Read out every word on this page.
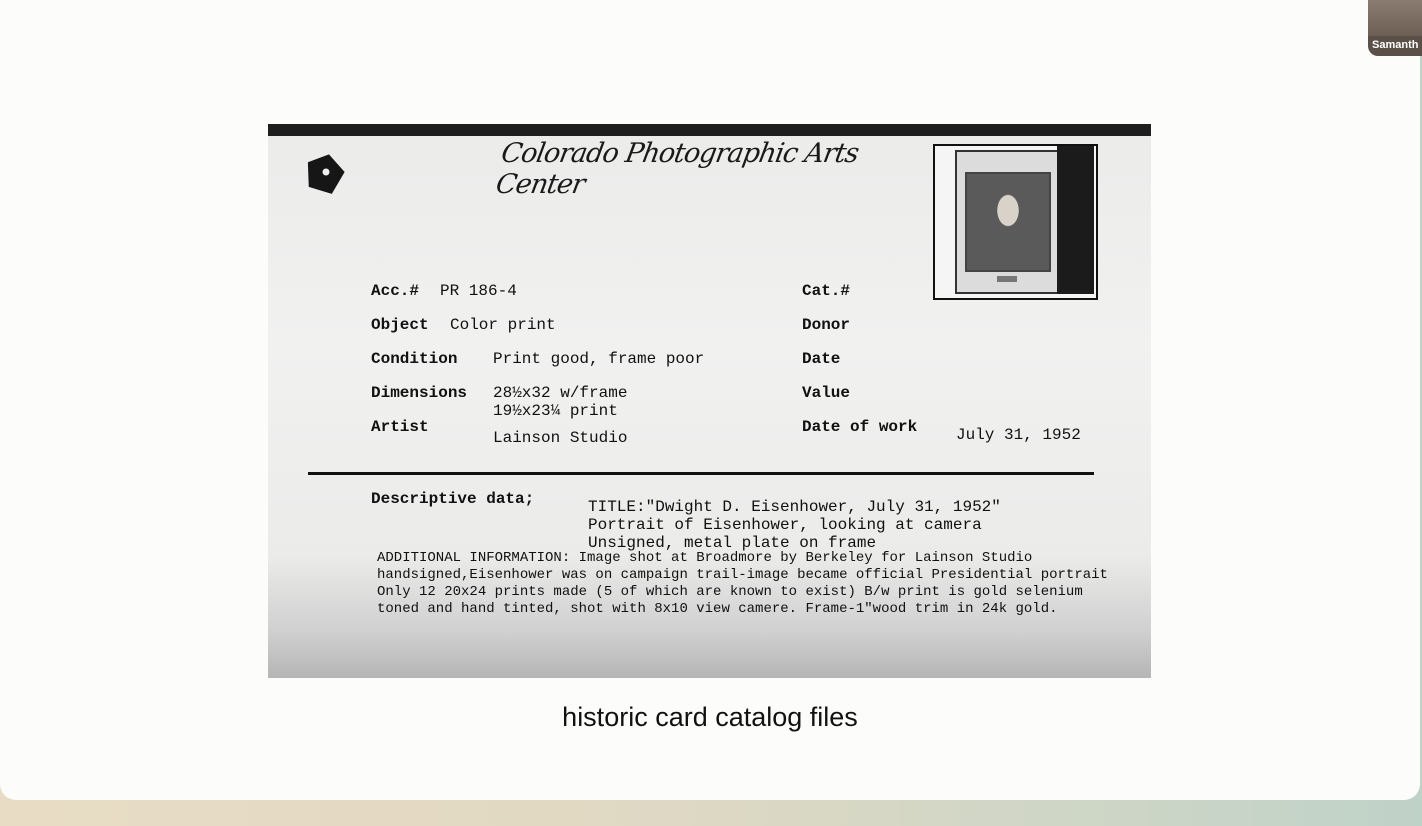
Colorado Photographic Arts Center
Acc.# PR 186-4
Object Color print
Condition Print good, frame poor
Dimensions 28½x32 w/frame
19½x23¼ print
Artist
Lainson Studio
Cat.#
Donor
Date
Value
Date of work July 31, 1952
Descriptive data;	TITLE:"Dwight D. Eisenhower, July 31, 1952"
Portrait of Eisenhower, looking at camera
Unsigned, metal plate on frame
ADDITIONAL INFORMATION: Image shot at Broadmore by Berkeley for Lainson Studio
handsigned,Eisenhower was on campaign trail-image became official Presidential portrait
Only 12 20x24 prints made (5 of which are known to exist) B/w print is gold selenium
toned and hand tinted, shot with 8x10 view camere. Frame-1"wood trim in 24k gold.
historic card catalog files
Samanth
